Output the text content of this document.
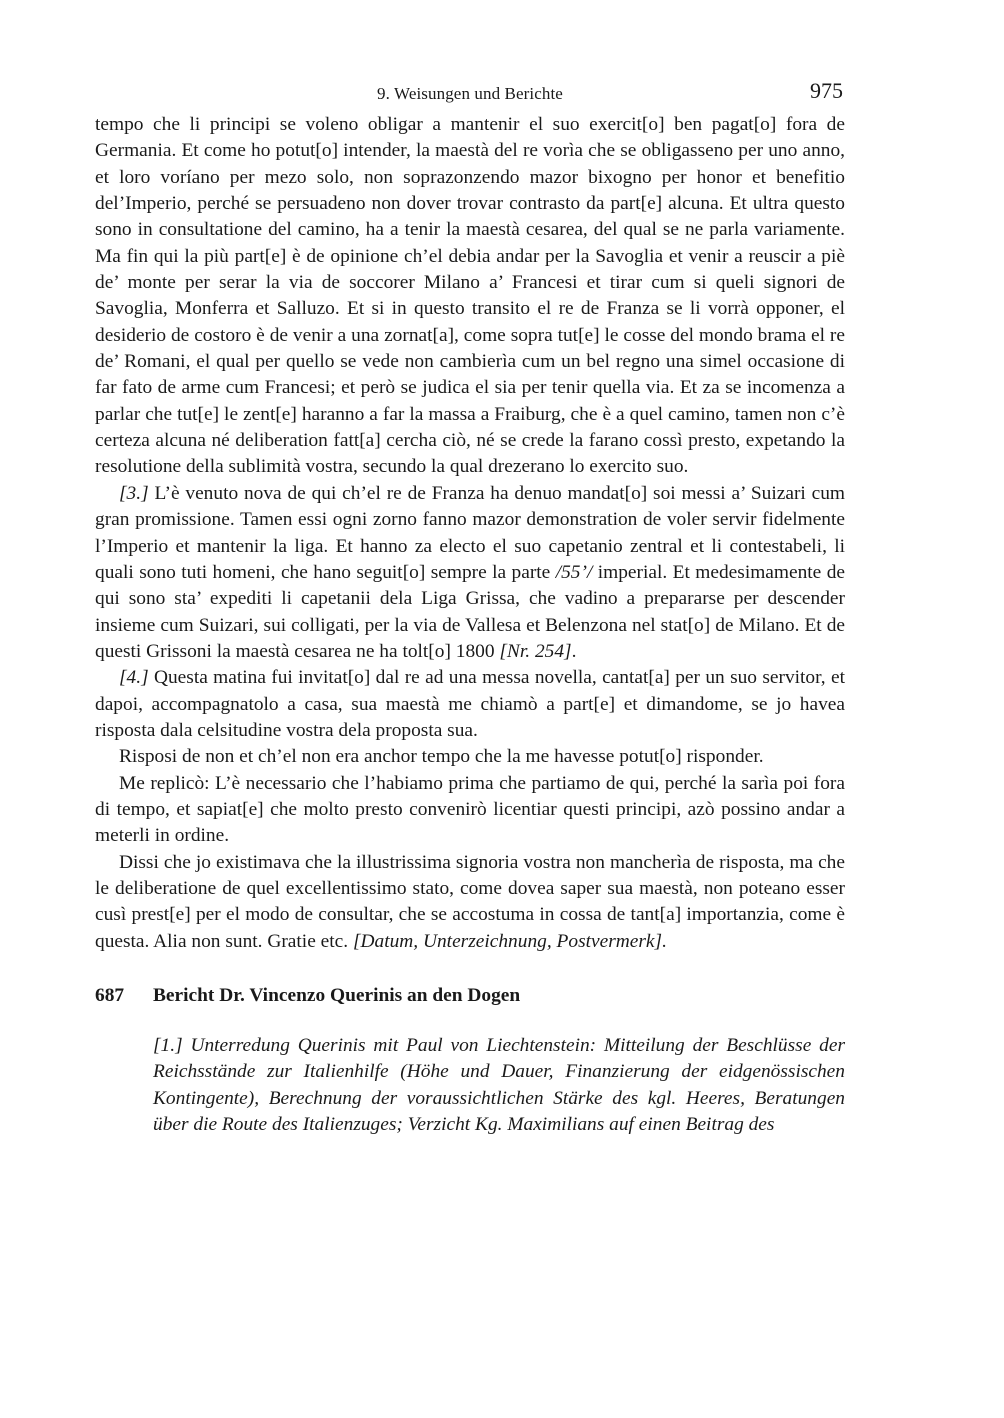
9. Weisungen und Berichte	975

tempo che li principi se voleno obligar a mantenir el suo exercit[o] ben pagat[o] fora de Germania. Et come ho potut[o] intender, la maestà del re vorìa che se obligasseno per uno anno, et loro voríano per mezo solo, non soprazonzendo mazor bixogno per honor et benefitio del’Imperio, perché se persuadeno non dover trovar contrasto da part[e] alcuna. Et ultra questo sono in consultatione del camino, ha a tenir la maestà cesarea, del qual se ne parla variamente. Ma fin qui la più part[e] è de opinione ch’el debia andar per la Savoglia et venir a reuscir a piè de’ monte per serar la via de soccorer Milano a’ Francesi et tirar cum si queli signori de Savoglia, Monferra et Salluzo. Et si in questo transito el re de Franza se li vorrà opponer, el desiderio de costoro è de venir a una zornat[a], come sopra tut[e] le cosse del mondo brama el re de’ Romani, el qual per quello se vede non cambierìa cum un bel regno una simel occasione di far fato de arme cum Francesi; et però se judica el sia per tenir quella via. Et za se incomenza a parlar che tut[e] le zent[e] haranno a far la massa a Fraiburg, che è a quel camino, tamen non c’è certeza alcuna né deliberation fatt[a] cercha ciò, né se crede la farano cossì presto, expetando la resolutione della sublimità vostra, secundo la qual drezerano lo exercito suo.

[3.] L’è venuto nova de qui ch’el re de Franza ha denuo mandat[o] soi messi a’ Suizari cum gran promissione. Tamen essi ogni zorno fanno mazor demonstration de voler servir fidelmente l’Imperio et mantenir la liga. Et hanno za electo el suo capetanio zentral et li contestabeli, li quali sono tuti homeni, che hano seguit[o] sempre la parte /55’/ imperial. Et medesimamente de qui sono sta’ expediti li capetanii dela Liga Grissa, che vadino a prepararse per descender insieme cum Suizari, sui colligati, per la via de Vallesa et Belenzona nel stat[o] de Milano. Et de questi Grissoni la maestà cesarea ne ha tolt[o] 1800 [Nr. 254].

[4.] Questa matina fui invitat[o] dal re ad una messa novella, cantat[a] per un suo servitor, et dapoi, accompagnatolo a casa, sua maestà me chiamò a part[e] et dimandome, se jo havea risposta dala celsitudine vostra dela proposta sua.

Risposi de non et ch’el non era anchor tempo che la me havesse potut[o] risponder.

Me replicò: L’è necessario che l’habiamo prima che partiamo de qui, perché la sarìa poi fora di tempo, et sapiat[e] che molto presto convenirò licentiar questi principi, azò possino andar a meterli in ordine.

Dissi che jo existimava che la illustrissima signoria vostra non mancherìa de risposta, ma che le deliberatione de quel excellentissimo stato, come dovea saper sua maestà, non poteano esser cusì prest[e] per el modo de consultar, che se accostuma in cossa de tant[a] importanzia, come è questa. Alia non sunt. Gratie etc. [Datum, Unterzeichnung, Postvermerk].

687	Bericht Dr. Vincenzo Querinis an den Dogen
[1.] Unterredung Querinis mit Paul von Liechtenstein: Mitteilung der Beschlüsse der Reichsstände zur Italienhilfe (Höhe und Dauer, Finanzierung der eidgenössischen Kontingente), Berechnung der voraussichtlichen Stärke des kgl. Heeres, Beratungen über die Route des Italienzuges; Verzicht Kg. Maximilians auf einen Beitrag des
